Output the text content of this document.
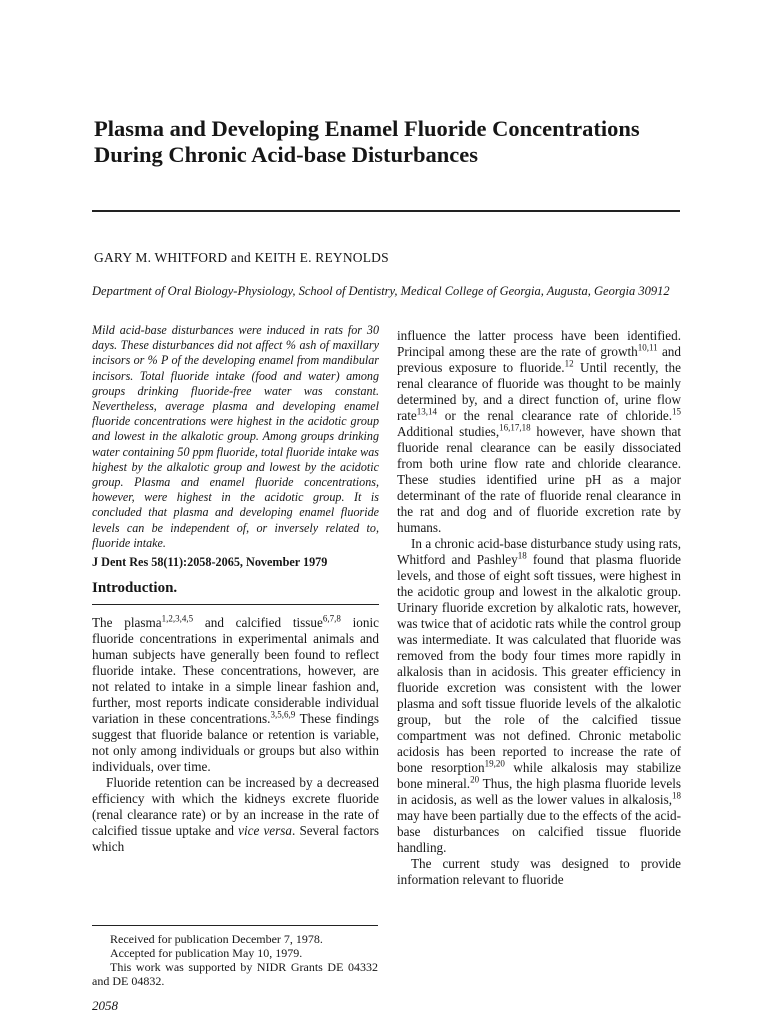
Plasma and Developing Enamel Fluoride Concentrations During Chronic Acid-base Disturbances
GARY M. WHITFORD and KEITH E. REYNOLDS
Department of Oral Biology-Physiology, School of Dentistry, Medical College of Georgia, Augusta, Georgia 30912

Mild acid-base disturbances were induced in rats for 30 days. These disturbances did not affect % ash of maxillary incisors or % P of the developing enamel from mandibular incisors. Total fluoride intake (food and water) among groups drinking fluoride-free water was constant. Nevertheless, average plasma and developing enamel fluoride concentrations were highest in the acidotic group and lowest in the alkalotic group. Among groups drinking water containing 50 ppm fluoride, total fluoride intake was highest by the alkalotic group and lowest by the acidotic group. Plasma and enamel fluoride concentrations, however, were highest in the acidotic group. It is concluded that plasma and developing enamel fluoride levels can be independent of, or inversely related to, fluoride intake.

J Dent Res 58(11):2058-2065, November 1979
Introduction.

The plasma$^{1,2,3,4,5}$ and calcified tissue$^{6,7,8}$ ionic fluoride concentrations in experimental animals and human subjects have generally been found to reflect fluoride intake. These concentrations, however, are not related to intake in a simple linear fashion and, further, most reports indicate considerable individual variation in these concentrations.$^{3,5,6,9}$ These findings suggest that fluoride balance or retention is variable, not only among individuals or groups but also within individuals, over time.

Fluoride retention can be increased by a decreased efficiency with which the kidneys excrete fluoride (renal clearance rate) or by an increase in the rate of calcified tissue uptake and vice versa. Several factors which

Received for publication December 7, 1978.
Accepted for publication May 10, 1979.
This work was supported by NIDR Grants DE 04332 and DE 04832.

influence the latter process have been identified. Principal among these are the rate of growth$^{10,11}$ and previous exposure to fluoride.$^{12}$ Until recently, the renal clearance of fluoride was thought to be mainly determined by, and a direct function of, urine flow rate$^{13,14}$ or the renal clearance rate of chloride.$^{15}$ Additional studies,$^{16,17,18}$ however, have shown that fluoride renal clearance can be easily dissociated from both urine flow rate and chloride clearance. These studies identified urine pH as a major determinant of the rate of fluoride renal clearance in the rat and dog and of fluoride excretion rate by humans.

In a chronic acid-base disturbance study using rats, Whitford and Pashley$^{18}$ found that plasma fluoride levels, and those of eight soft tissues, were highest in the acidotic group and lowest in the alkalotic group. Urinary fluoride excretion by alkalotic rats, however, was twice that of acidotic rats while the control group was intermediate. It was calculated that fluoride was removed from the body four times more rapidly in alkalosis than in acidosis. This greater efficiency in fluoride excretion was consistent with the lower plasma and soft tissue fluoride levels of the alkalotic group, but the role of the calcified tissue compartment was not defined. Chronic metabolic acidosis has been reported to increase the rate of bone resorption$^{19,20}$ while alkalosis may stabilize bone mineral.$^{20}$ Thus, the high plasma fluoride levels in acidosis, as well as the lower values in alkalosis,$^{18}$ may have been partially due to the effects of the acid-base disturbances on calcified tissue fluoride handling.

The current study was designed to provide information relevant to fluoride

2058
